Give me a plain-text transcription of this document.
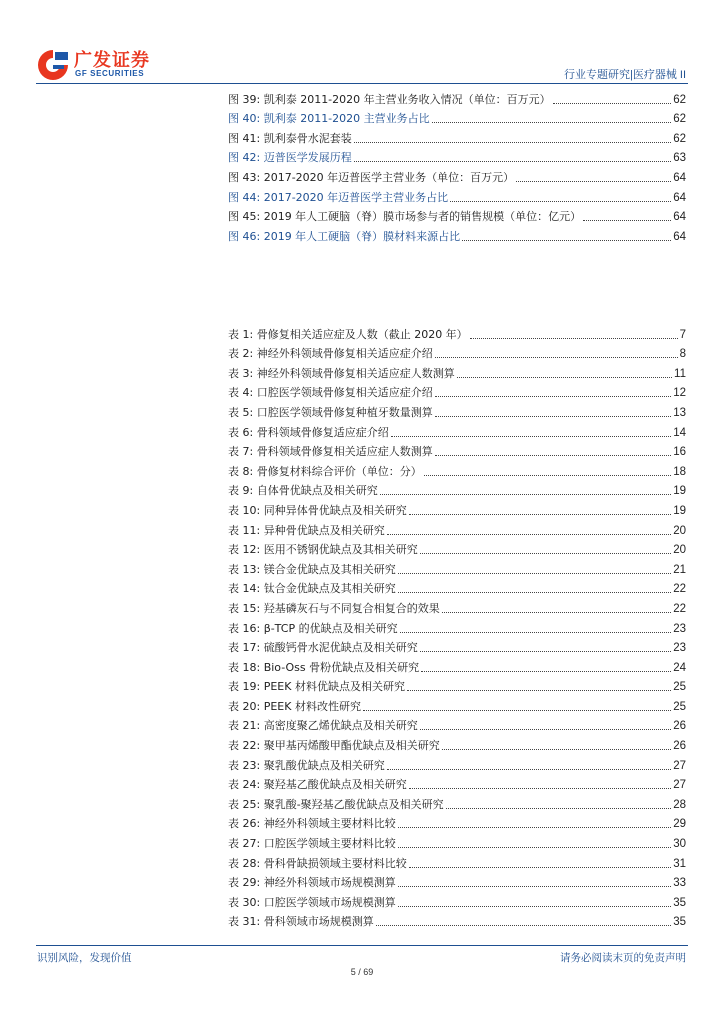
广发证券
GF SECURITIES	行业专题研究|医疗器械 II
图 39: 凯利泰 2011-2020 年主营业务收入情况（单位：百万元）	62
图 40: 凯利泰 2011-2020 主营业务占比	62
图 41: 凯利泰骨水泥套装	62
图 42: 迈普医学发展历程	63
图 43: 2017-2020 年迈普医学主营业务（单位：百万元）	64
图 44: 2017-2020 年迈普医学主营业务占比	64
图 45: 2019 年人工硬脑（脊）膜市场参与者的销售规模（单位：亿元）	64
图 46: 2019 年人工硬脑（脊）膜材料来源占比	64
表 1: 骨修复相关适应症及人数（截止 2020 年）	7
表 2: 神经外科领域骨修复相关适应症介绍	8
表 3: 神经外科领域骨修复相关适应症人数测算	11
表 4: 口腔医学领域骨修复相关适应症介绍	12
表 5: 口腔医学领域骨修复种植牙数量测算	13
表 6: 骨科领域骨修复适应症介绍	14
表 7: 骨科领域骨修复相关适应症人数测算	16
表 8: 骨修复材料综合评价（单位：分）	18
表 9: 自体骨优缺点及相关研究	19
表 10: 同种异体骨优缺点及相关研究	19
表 11: 异种骨优缺点及相关研究	20
表 12: 医用不锈钢优缺点及其相关研究	20
表 13: 镁合金优缺点及其相关研究	21
表 14: 钛合金优缺点及其相关研究	22
表 15: 羟基磷灰石与不同复合相复合的效果	22
表 16: β-TCP 的优缺点及相关研究	23
表 17: 硫酸钙骨水泥优缺点及相关研究	23
表 18: Bio-Oss 骨粉优缺点及相关研究	24
表 19: PEEK 材料优缺点及相关研究	25
表 20: PEEK 材料改性研究	25
表 21: 高密度聚乙烯优缺点及相关研究	26
表 22: 聚甲基丙烯酸甲酯优缺点及相关研究	26
表 23: 聚乳酸优缺点及相关研究	27
表 24: 聚羟基乙酸优缺点及相关研究	27
表 25: 聚乳酸-聚羟基乙酸优缺点及相关研究	28
表 26: 神经外科领域主要材料比较	29
表 27: 口腔医学领域主要材料比较	30
表 28: 骨科骨缺损领域主要材料比较	31
表 29: 神经外科领域市场规模测算	33
表 30: 口腔医学领域市场规模测算	35
表 31: 骨科领域市场规模测算	35
识别风险，发现价值	请务必阅读末页的免责声明
5 / 69
